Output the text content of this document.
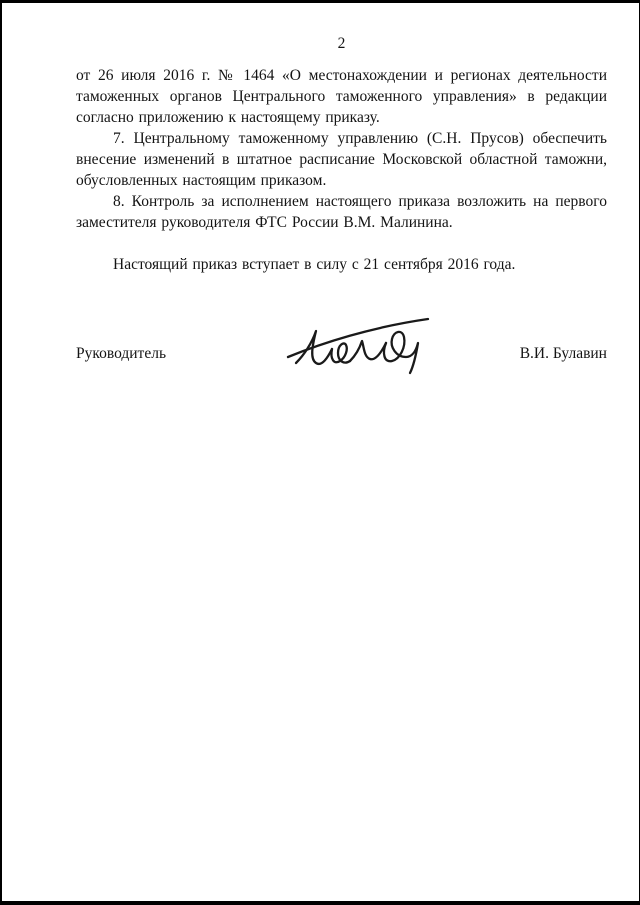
2

от 26 июля 2016 г. № 1464 «О местонахождении и регионах деятельности таможенных органов Центрального таможенного управления» в редакции согласно приложению к настоящему приказу.

7. Центральному таможенному управлению (С.Н. Прусов) обеспечить внесение изменений в штатное расписание Московской областной таможни, обусловленных настоящим приказом.

8. Контроль за исполнением настоящего приказа возложить на первого заместителя руководителя ФТС России В.М. Малинина.

Настоящий приказ вступает в силу с 21 сентября 2016 года.

Руководитель	В.И. Булавин
